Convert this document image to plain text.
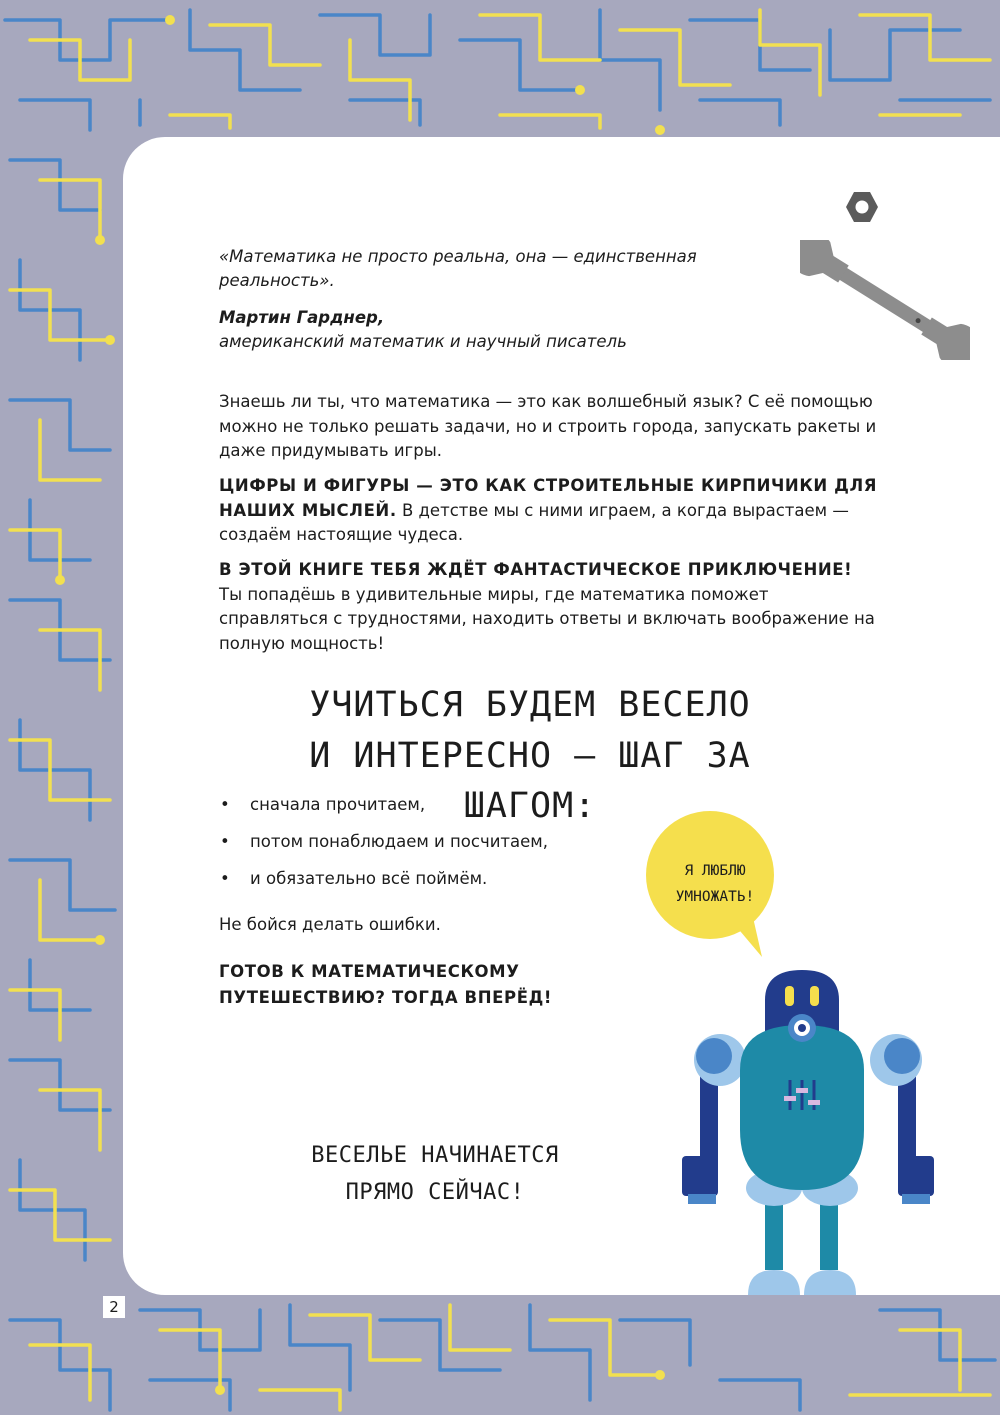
«Математика не просто реальна, она — единственная реальность».
Мартин Гарднер,
американский математик и научный писатель
Знаешь ли ты, что математика — это как волшебный язык? С её помощью можно не только решать задачи, но и строить города, запускать ракеты и даже придумывать игры.
ЦИФРЫ И ФИГУРЫ — ЭТО КАК СТРОИТЕЛЬНЫЕ КИРПИЧИКИ ДЛЯ НАШИХ МЫСЛЕЙ. В детстве мы с ними играем, а когда вырастаем — создаём настоящие чудеса.
В ЭТОЙ КНИГЕ ТЕБЯ ЖДЁТ ФАНТАСТИЧЕСКОЕ ПРИКЛЮЧЕНИЕ!
Ты попадёшь в удивительные миры, где математика поможет справляться с трудностями, находить ответы и включать воображение на полную мощность!
УЧИТЬСЯ БУДЕМ ВЕСЕЛО
И ИНТЕРЕСНО — ШАГ ЗА ШАГОМ:
• сначала прочитаем,
• потом понаблюдаем и посчитаем,
• и обязательно всё поймём.
Не бойся делать ошибки.
ГОТОВ К МАТЕМАТИЧЕСКОМУ ПУТЕШЕСТВИЮ? ТОГДА ВПЕРЁД!
ВЕСЕЛЬЕ НАЧИНАЕТСЯ
ПРЯМО СЕЙЧАС!
Я ЛЮБЛЮ
УМНОЖАТЬ!
2
